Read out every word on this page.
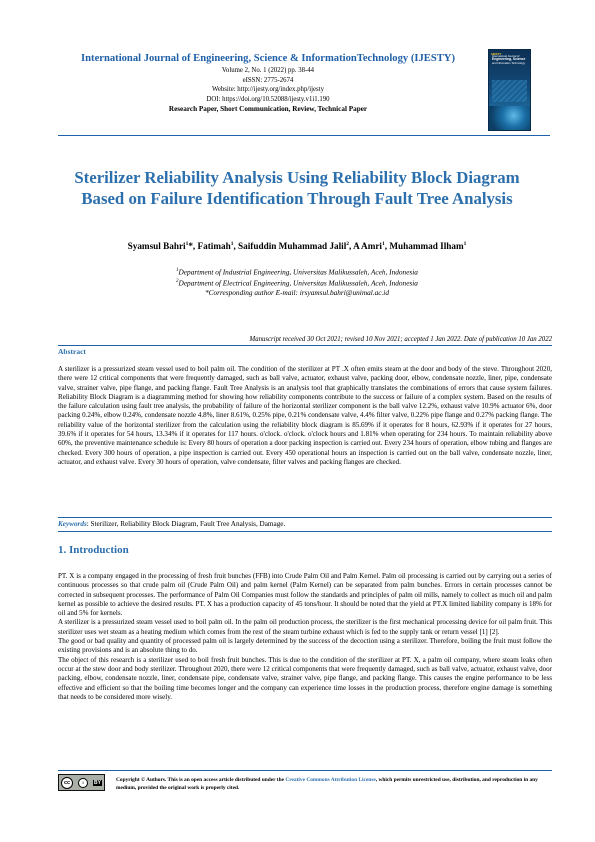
International Journal of Engineering, Science & InformationTechnology (IJESTY)
Volume 2, No. 1 (2022) pp. 38-44
eISSN: 2775-2674
Website: http://ijesty.org/index.php/ijesty
DOI: https://doi.org/10.52088/ijesty.v1i1.190
Research Paper, Short Communication, Review, Technical Paper
IJESTY
International Journal of
Engineering, Science
and Information Technology
Sterilizer Reliability Analysis Using Reliability Block Diagram
Based on Failure Identification Through Fault Tree Analysis
Syamsul Bahri$^1$*, Fatimah$^1$, Saifuddin Muhammad Jalil$^2$, A Amri$^1$, Muhammad Ilham$^1$
$^1$Department of Industrial Engineering, Universitas Malikussaleh, Aceh, Indonesia
$^2$Department of Electrical Engineering, Universitas Malikussaleh, Aceh, Indonesia
*Corresponding author E-mail: irsyamsul.bahri@unimal.ac.id
Manuscript received 30 Oct 2021; revised 10 Nov 2021; accepted 1 Jan 2022. Date of publication 10 Jan 2022
Abstract
A sterilizer is a pressurized steam vessel used to boil palm oil. The condition of the sterilizer at PT .X often emits steam at the door and body of the steve. Throughout 2020, there were 12 critical components that were frequently damaged, such as ball valve, actuator, exhaust valve, packing door, elbow, condensate nozzle, liner, pipe, condensate valve, strainer valve, pipe flange, and packing flange. Fault Tree Analysis is an analysis tool that graphically translates the combinations of errors that cause system failures. Reliability Block Diagram is a diagramming method for showing how reliability components contribute to the success or failure of a complex system. Based on the results of the failure calculation using fault tree analysis, the probability of failure of the horizontal sterilizer component is the ball valve 12.2%, exhaust valve 10.9% actuator 6%, door packing 0.24%, elbow 0.24%, condensate nozzle 4.8%, liner 8.61%, 0.25% pipe, 0.21% condensate valve, 4.4% filter valve, 0.22% pipe flange and 0.27% packing flange. The reliability value of the horizontal sterilizer from the calculation using the reliability block diagram is 85.69% if it operates for 8 hours, 62.93% if it operates for 27 hours, 39.6% if it operates for 54 hours, 13.34% if it operates for 117 hours. o'clock. o'clock. o'clock hours and 1.81% when operating for 234 hours. To maintain reliability above 60%, the preventive maintenance schedule is: Every 80 hours of operation a door packing inspection is carried out. Every 234 hours of operation, elbow tubing and flanges are checked. Every 300 hours of operation, a pipe inspection is carried out. Every 450 operational hours an inspection is carried out on the ball valve, condensate nozzle, liner, actuator, and exhaust valve. Every 30 hours of operation, valve condensate, filter valves and packing flanges are checked.
Keywords: Sterilizer, Reliability Block Diagram, Fault Tree Analysis, Damage.
1. Introduction

PT. X is a company engaged in the processing of fresh fruit bunches (FFB) into Crude Palm Oil and Palm Kernel. Palm oil processing is carried out by carrying out a series of continuous processes so that crude palm oil (Crude Palm Oil) and palm kernel (Palm Kernel) can be separated from palm bunches. Errors in certain processes cannot be corrected in subsequent processes. The performance of Palm Oil Companies must follow the standards and principles of palm oil mills, namely to collect as much oil and palm kernel as possible to achieve the desired results. PT. X has a production capacity of 45 tons/hour. It should be noted that the yield at PT.X limited liability company is 18% for oil and 5% for kernels.

A sterilizer is a pressurized steam vessel used to boil palm oil. In the palm oil production process, the sterilizer is the first mechanical processing device for oil palm fruit. This sterilizer uses wet steam as a heating medium which comes from the rest of the steam turbine exhaust which is fed to the supply tank or return vessel [1] [2].

The good or bad quality and quantity of processed palm oil is largely determined by the success of the decoction using a sterilizer. Therefore, boiling the fruit must follow the existing provisions and is an absolute thing to do.

The object of this research is a sterilizer used to boil fresh fruit bunches. This is due to the condition of the sterilizer at PT. X, a palm oil company, where steam leaks often occur at the stew door and body sterilizer. Throughout 2020, there were 12 critical components that were frequently damaged, such as ball valve, actuator, exhaust valve, door packing, elbow, condensate nozzle, liner, condensate pipe, condensate valve, strainer valve, pipe flange, and packing flange. This causes the engine performance to be less effective and efficient so that the boiling time becomes longer and the company can experience time losses in the production process, therefore engine damage is something that needs to be considered more wisely.

cc	i	BY	Copyright © Authors. This is an open access article distributed under the Creative Commons Attribution License, which permits unrestricted use, distribution, and reproduction in any medium, provided the original work is properly cited.
